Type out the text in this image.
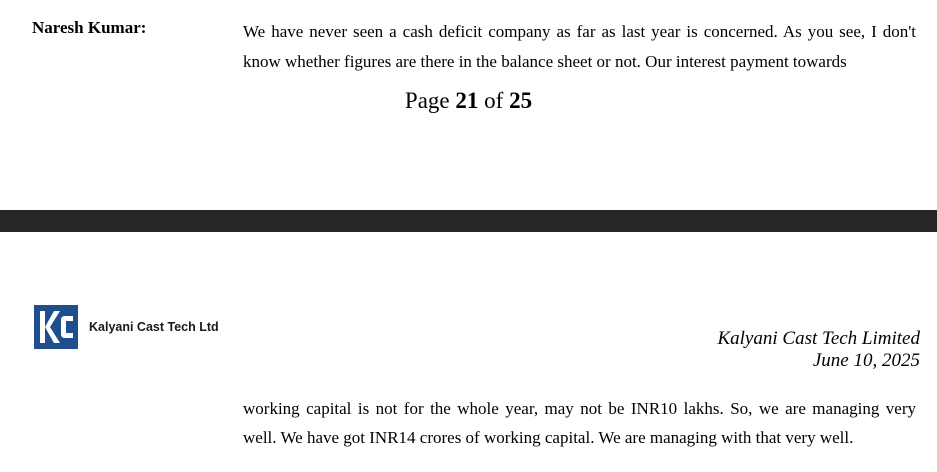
Naresh Kumar:	We have never seen a cash deficit company as far as last year is concerned. As you see, I don't know whether figures are there in the balance sheet or not. Our interest payment towards
Page 21 of 25
Kalyani Cast Tech Ltd
Kalyani Cast Tech Limited
June 10, 2025
working capital is not for the whole year, may not be INR10 lakhs. So, we are managing very well. We have got INR14 crores of working capital. We are managing with that very well.
